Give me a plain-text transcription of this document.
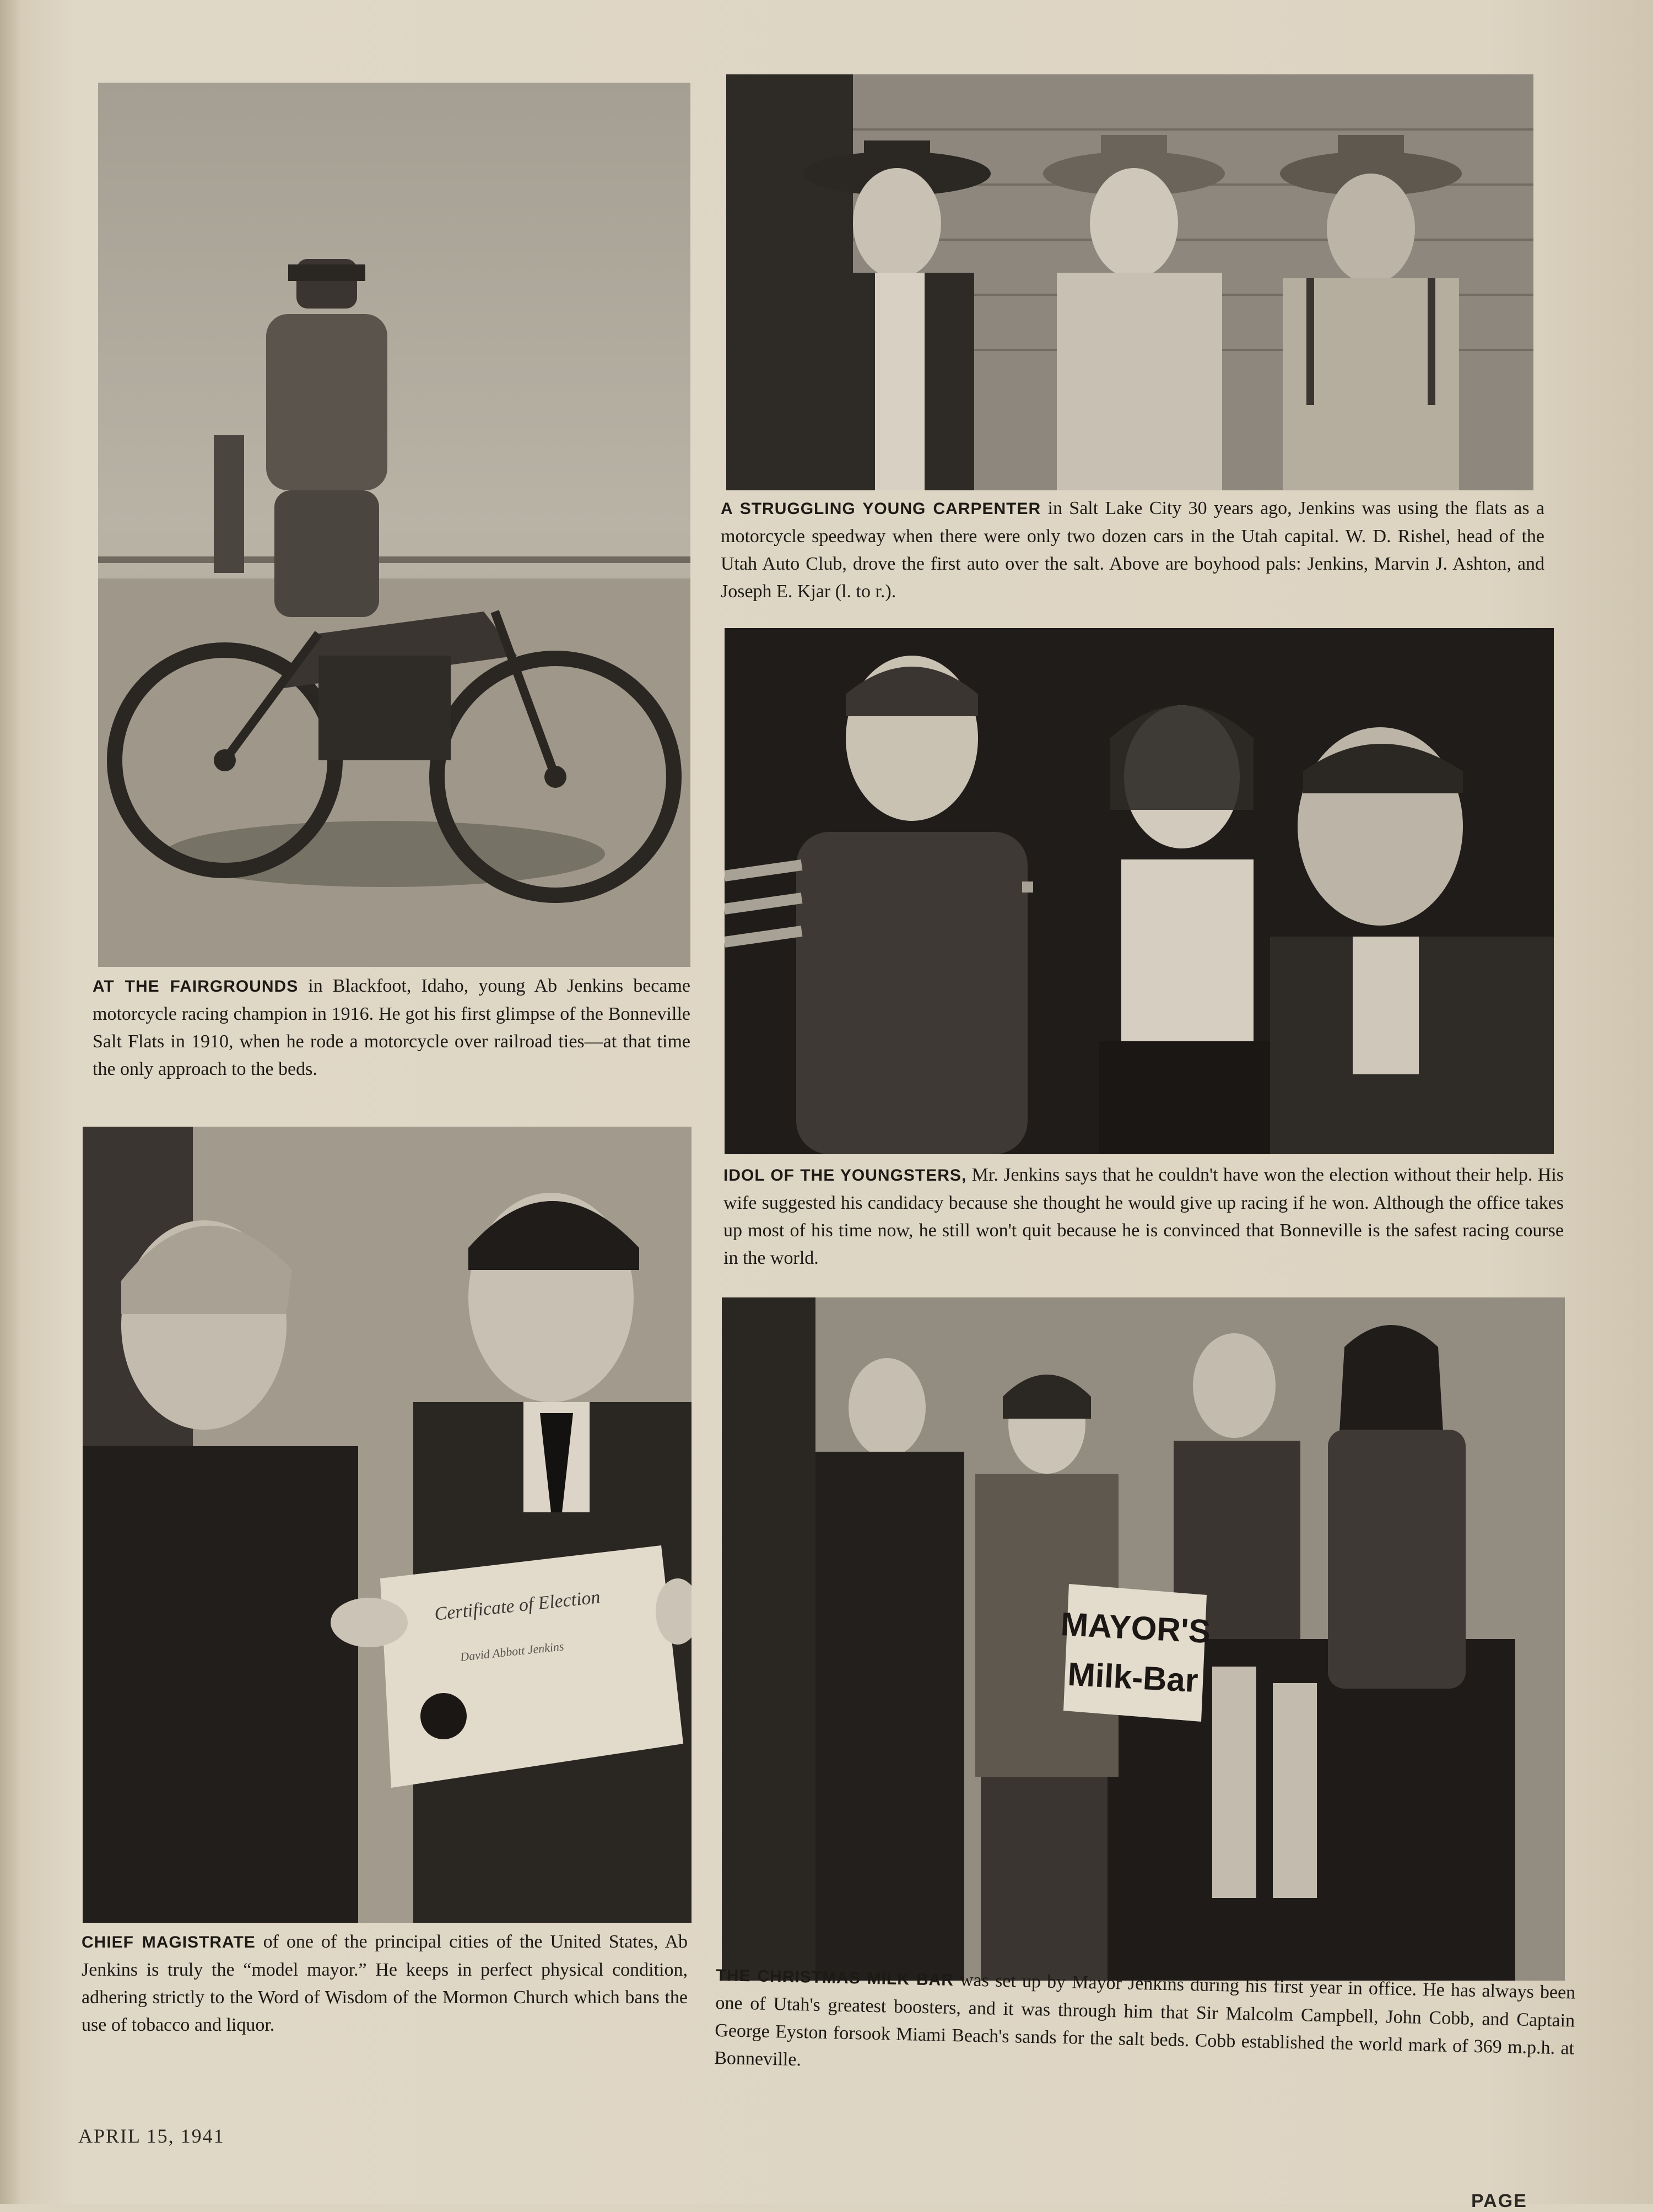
A STRUGGLING YOUNG CARPENTER in Salt Lake City 30 years ago, Jenkins was using the flats as a motorcycle speedway when there were only two dozen cars in the Utah capital. W. D. Rishel, head of the Utah Auto Club, drove the first auto over the salt. Above are boyhood pals: Jenkins, Marvin J. Ashton, and Joseph E. Kjar (l. to r.).
AT THE FAIRGROUNDS in Blackfoot, Idaho, young Ab Jenkins became motorcycle racing champion in 1916. He got his first glimpse of the Bonneville Salt Flats in 1910, when he rode a motorcycle over railroad ties—at that time the only approach to the beds.
IDOL OF THE YOUNGSTERS, Mr. Jenkins says that he couldn't have won the election without their help. His wife suggested his candidacy because she thought he would give up racing if he won. Although the office takes up most of his time now, he still won't quit because he is convinced that Bonneville is the safest racing course in the world.
Certificate of Election
David Abbott Jenkins
CHIEF MAGISTRATE of one of the principal cities of the United States, Ab Jenkins is truly the “model mayor.” He keeps in perfect physical condition, adhering strictly to the Word of Wisdom of the Mormon Church which bans the use of tobacco and liquor.
MAYOR'S
Milk-Bar
THE CHRISTMAS MILK BAR was set up by Mayor Jenkins during his first year in office. He has always been one of Utah's greatest boosters, and it was through him that Sir Malcolm Campbell, John Cobb, and Captain George Eyston forsook Miami Beach's sands for the salt beds. Cobb established the world mark of 369 m.p.h. at Bonneville.
APRIL 15, 1941
PAGE
